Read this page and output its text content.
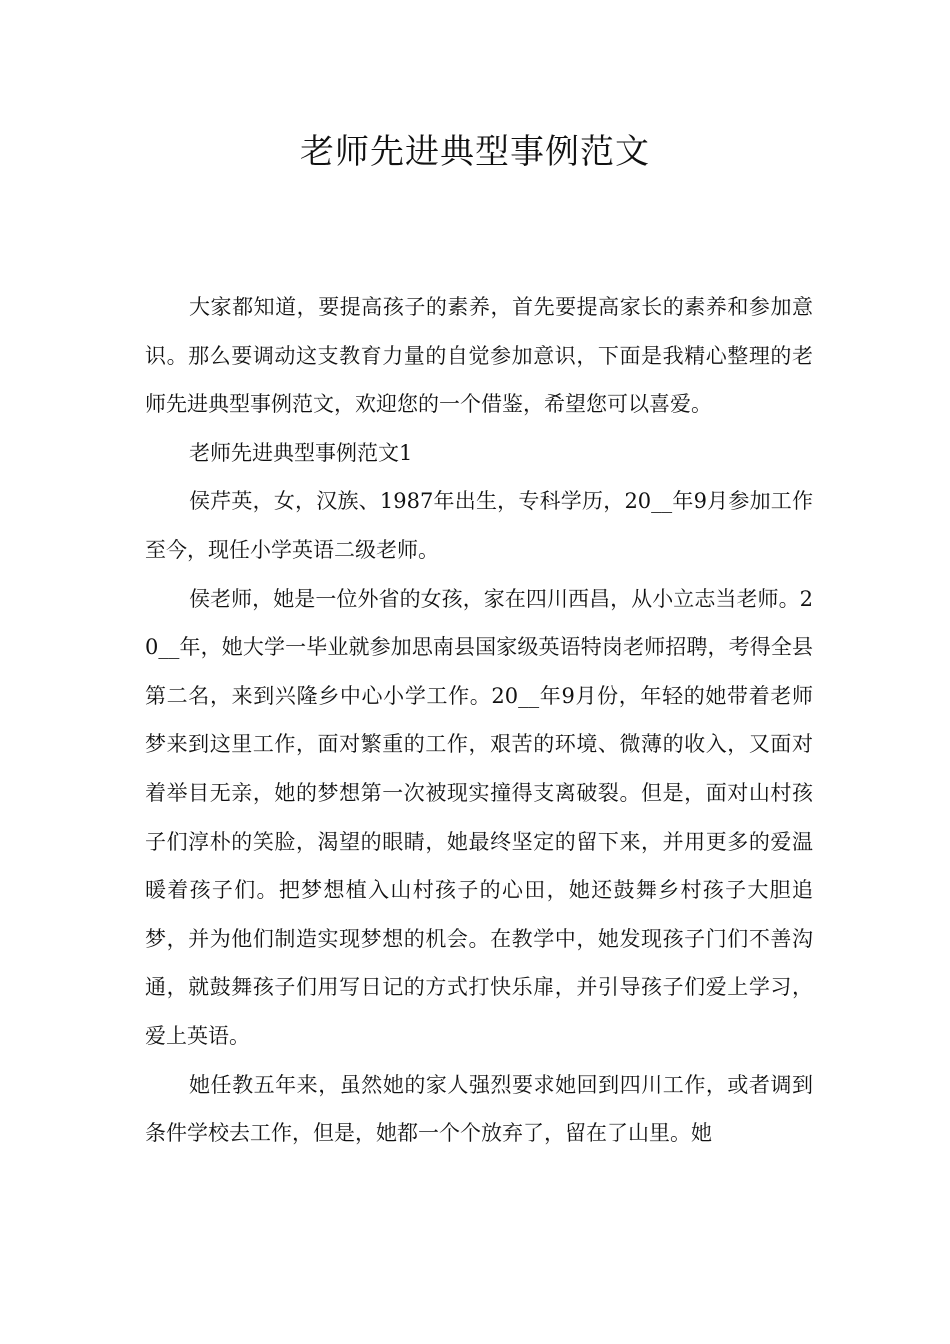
老师先进典型事例范文

大家都知道，要提高孩子的素养，首先要提高家长的素养和参加意识。那么要调动这支教育力量的自觉参加意识，下面是我精心整理的老师先进典型事例范文，欢迎您的一个借鉴，希望您可以喜爱。

老师先进典型事例范文1

侯芹英，女，汉族、1987年出生，专科学历，20__年9月参加工作至今，现任小学英语二级老师。

侯老师，她是一位外省的女孩，家在四川西昌，从小立志当老师。20__年，她大学一毕业就参加思南县国家级英语特岗老师招聘，考得全县第二名，来到兴隆乡中心小学工作。20__年9月份，年轻的她带着老师梦来到这里工作，面对繁重的工作，艰苦的环境、微薄的收入，又面对着举目无亲，她的梦想第一次被现实撞得支离破裂。但是，面对山村孩子们淳朴的笑脸，渴望的眼睛，她最终坚定的留下来，并用更多的爱温暖着孩子们。把梦想植入山村孩子的心田，她还鼓舞乡村孩子大胆追梦，并为他们制造实现梦想的机会。在教学中，她发现孩子门们不善沟通，就鼓舞孩子们用写日记的方式打快乐扉，并引导孩子们爱上学习，爱上英语。

她任教五年来，虽然她的家人强烈要求她回到四川工作，或者调到条件学校去工作，但是，她都一个个放弃了，留在了山里。她
